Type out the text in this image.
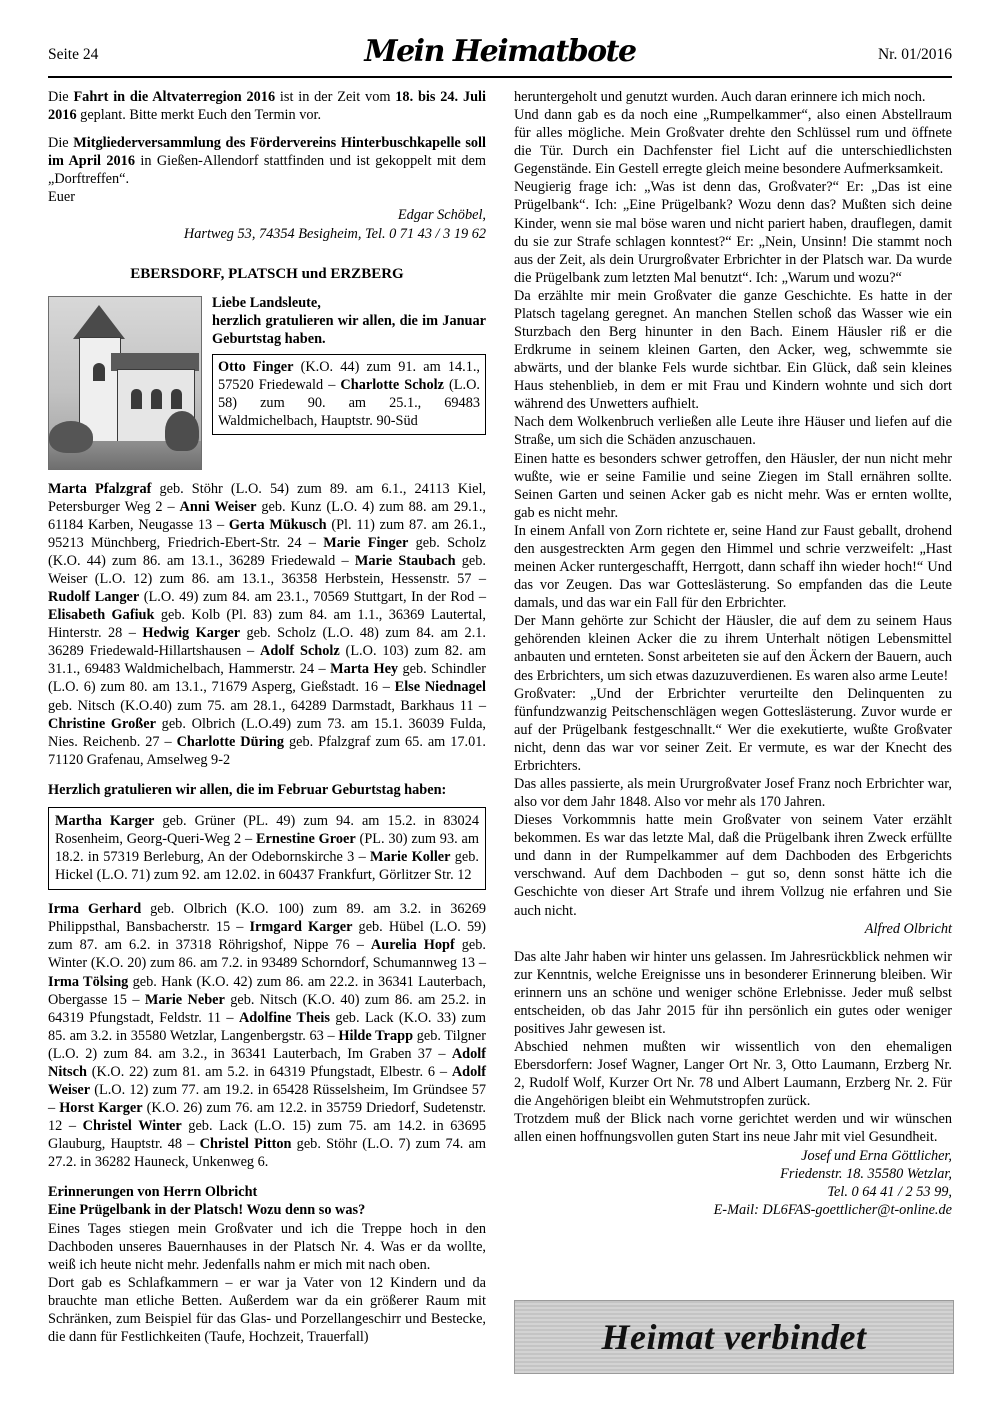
Seite 24	Mein Heimatbote	Nr. 01/2016

Die Fahrt in die Altvaterregion 2016 ist in der Zeit vom 18. bis 24. Juli 2016 geplant. Bitte merkt Euch den Termin vor.

Die Mitgliederversammlung des Fördervereins Hinterbuschkapelle soll im April 2016 in Gießen-Allendorf stattfinden und ist gekoppelt mit dem „Dorftreffen“.

Euer

Edgar Schöbel,

Hartweg 53, 74354 Besigheim, Tel. 0 71 43 / 3 19 62

EBERSDORF, PLATSCH und ERZBERG

Liebe Landsleute,

herzlich gratulieren wir allen, die im Januar Geburtstag haben.

Otto Finger (K.O. 44) zum 91. am 14.1., 57520 Friedewald – Charlotte Scholz (L.O. 58) zum 90. am 25.1., 69483 Waldmichelbach, Hauptstr. 90-Süd

Marta Pfalzgraf geb. Stöhr (L.O. 54) zum 89. am 6.1., 24113 Kiel, Petersburger Weg 2 – Anni Weiser geb. Kunz (L.O. 4) zum 88. am 29.1., 61184 Karben, Neugasse 13 – Gerta Mükusch (Pl. 11) zum 87. am 26.1., 95213 Münchberg, Friedrich-Ebert-Str. 24 – Marie Finger geb. Scholz (K.O. 44) zum 86. am 13.1., 36289 Friedewald – Marie Staubach geb. Weiser (L.O. 12) zum 86. am 13.1., 36358 Herbstein, Hessenstr. 57 – Rudolf Langer (L.O. 49) zum 84. am 23.1., 70569 Stuttgart, In der Rod – Elisabeth Gafiuk geb. Kolb (Pl. 83) zum 84. am 1.1., 36369 Lautertal, Hinterstr. 28 – Hedwig Karger geb. Scholz (L.O. 48) zum 84. am 2.1. 36289 Friedewald-Hillartshausen – Adolf Scholz (L.O. 103) zum 82. am 31.1., 69483 Waldmichelbach, Hammerstr. 24 – Marta Hey geb. Schindler (L.O. 6) zum 80. am 13.1., 71679 Asperg, Gießstadt. 16 – Else Niednagel geb. Nitsch (K.O.40) zum 75. am 28.1., 64289 Darmstadt, Barkhaus 11 – Christine Großer geb. Olbrich (L.O.49) zum 73. am 15.1. 36039 Fulda, Nies. Reichenb. 27 – Charlotte Düring geb. Pfalzgraf zum 65. am 17.01. 71120 Grafenau, Amselweg 9-2

Herzlich gratulieren wir allen, die im Februar Geburtstag haben:

Martha Karger geb. Grüner (PL. 49) zum 94. am 15.2. in 83024 Rosenheim, Georg-Queri-Weg 2 – Ernestine Groer (PL. 30) zum 93. am 18.2. in 57319 Berleburg, An der Odebornskirche 3 – Marie Koller geb. Hickel (L.O. 71) zum 92. am 12.02. in 60437 Frankfurt, Görlitzer Str. 12

Irma Gerhard geb. Olbrich (K.O. 100) zum 89. am 3.2. in 36269 Philippsthal, Bansbacherstr. 15 – Irmgard Karger geb. Hübel (L.O. 59) zum 87. am 6.2. in 37318 Röhrigshof, Nippe 76 – Aurelia Hopf geb. Winter (K.O. 20) zum 86. am 7.2. in 93489 Schorndorf, Schumannweg 13 – Irma Tölsing geb. Hank (K.O. 42) zum 86. am 22.2. in 36341 Lauterbach, Obergasse 15 – Marie Neber geb. Nitsch (K.O. 40) zum 86. am 25.2. in 64319 Pfungstadt, Feldstr. 11 – Adolfine Theis geb. Lack (K.O. 33) zum 85. am 3.2. in 35580 Wetzlar, Langenbergstr. 63 – Hilde Trapp geb. Tilgner (L.O. 2) zum 84. am 3.2., in 36341 Lauterbach, Im Graben 37 – Adolf Nitsch (K.O. 22) zum 81. am 5.2. in 64319 Pfungstadt, Elbestr. 6 – Adolf Weiser (L.O. 12) zum 77. am 19.2. in 65428 Rüsselsheim, Im Gründsee 57 – Horst Karger (K.O. 26) zum 76. am 12.2. in 35759 Driedorf, Sudetenstr. 12 – Christel Winter geb. Lack (L.O. 15) zum 75. am 14.2. in 63695 Glauburg, Hauptstr. 48 – Christel Pitton geb. Stöhr (L.O. 7) zum 74. am 27.2. in 36282 Hauneck, Unkenweg 6.

Erinnerungen von Herrn Olbricht

Eine Prügelbank in der Platsch! Wozu denn so was?

Eines Tages stiegen mein Großvater und ich die Treppe hoch in den Dachboden unseres Bauernhauses in der Platsch Nr. 4. Was er da wollte, weiß ich heute nicht mehr. Jedenfalls nahm er mich mit nach oben.

Dort gab es Schlafkammern – er war ja Vater von 12 Kindern und da brauchte man etliche Betten. Außerdem war da ein größerer Raum mit Schränken, zum Beispiel für das Glas- und Porzellangeschirr und Bestecke, die dann für Festlichkeiten (Taufe, Hochzeit, Trauerfall)

heruntergeholt und genutzt wurden. Auch daran erinnere ich mich noch.

Und dann gab es da noch eine „Rumpelkammer“, also einen Abstellraum für alles mögliche. Mein Großvater drehte den Schlüssel rum und öffnete die Tür. Durch ein Dachfenster fiel Licht auf die unterschiedlichsten Gegenstände. Ein Gestell erregte gleich meine besondere Aufmerksamkeit.

Neugierig frage ich: „Was ist denn das, Großvater?“ Er: „Das ist eine Prügelbank“. Ich: „Eine Prügelbank? Wozu denn das? Mußten sich deine Kinder, wenn sie mal böse waren und nicht pariert haben, drauflegen, damit du sie zur Strafe schlagen konntest?“ Er: „Nein, Unsinn! Die stammt noch aus der Zeit, als dein Ururgroßvater Erbrichter in der Platsch war. Da wurde die Prügelbank zum letzten Mal benutzt“. Ich: „Warum und wozu?“

Da erzählte mir mein Großvater die ganze Geschichte. Es hatte in der Platsch tagelang geregnet. An manchen Stellen schoß das Wasser wie ein Sturzbach den Berg hinunter in den Bach. Einem Häusler riß er die Erdkrume in seinem kleinen Garten, den Acker, weg, schwemmte sie abwärts, und der blanke Fels wurde sichtbar. Ein Glück, daß sein kleines Haus stehenblieb, in dem er mit Frau und Kindern wohnte und sich dort während des Unwetters aufhielt.

Nach dem Wolkenbruch verließen alle Leute ihre Häuser und liefen auf die Straße, um sich die Schäden anzuschauen.

Einen hatte es besonders schwer getroffen, den Häusler, der nun nicht mehr wußte, wie er seine Familie und seine Ziegen im Stall ernähren sollte. Seinen Garten und seinen Acker gab es nicht mehr. Was er ernten wollte, gab es nicht mehr.

In einem Anfall von Zorn richtete er, seine Hand zur Faust geballt, drohend den ausgestreckten Arm gegen den Himmel und schrie verzweifelt: „Hast meinen Acker runtergeschafft, Herrgott, dann schaff ihn wieder hoch!“ Und das vor Zeugen. Das war Gotteslästerung. So empfanden das die Leute damals, und das war ein Fall für den Erbrichter.

Der Mann gehörte zur Schicht der Häusler, die auf dem zu seinem Haus gehörenden kleinen Acker die zu ihrem Unterhalt nötigen Lebensmittel anbauten und ernteten. Sonst arbeiteten sie auf den Äckern der Bauern, auch des Erbrichters, um sich etwas dazuzuverdienen. Es waren also arme Leute!

Großvater: „Und der Erbrichter verurteilte den Delinquenten zu fünfundzwanzig Peitschenschlägen wegen Gotteslästerung. Zuvor wurde er auf der Prügelbank festgeschnallt.“ Wer die exekutierte, wußte Großvater nicht, denn das war vor seiner Zeit. Er vermute, es war der Knecht des Erbrichters.

Das alles passierte, als mein Ururgroßvater Josef Franz noch Erbrichter war, also vor dem Jahr 1848. Also vor mehr als 170 Jahren.

Dieses Vorkommnis hatte mein Großvater von seinem Vater erzählt bekommen. Es war das letzte Mal, daß die Prügelbank ihren Zweck erfüllte und dann in der Rumpelkammer auf dem Dachboden des Erbgerichts verschwand. Auf dem Dachboden – gut so, denn sonst hätte ich die Geschichte von dieser Art Strafe und ihrem Vollzug nie erfahren und Sie auch nicht.

Alfred Olbricht

Das alte Jahr haben wir hinter uns gelassen. Im Jahresrückblick nehmen wir zur Kenntnis, welche Ereignisse uns in besonderer Erinnerung bleiben. Wir erinnern uns an schöne und weniger schöne Erlebnisse. Jeder muß selbst entscheiden, ob das Jahr 2015 für ihn persönlich ein gutes oder weniger positives Jahr gewesen ist.

Abschied nehmen mußten wir wissentlich von den ehemaligen Ebersdorfern: Josef Wagner, Langer Ort Nr. 3, Otto Laumann, Erzberg Nr. 2, Rudolf Wolf, Kurzer Ort Nr. 78 und Albert Laumann, Erzberg Nr. 2. Für die Angehörigen bleibt ein Wehmutstropfen zurück.

Trotzdem muß der Blick nach vorne gerichtet werden und wir wünschen allen einen hoffnungsvollen guten Start ins neue Jahr mit viel Gesundheit.

Josef und Erna Göttlicher,

Friedenstr. 18. 35580 Wetzlar,

Tel. 0 64 41 / 2 53 99,

E-Mail: DL6FAS-goettlicher@t-online.de

Heimat verbindet
